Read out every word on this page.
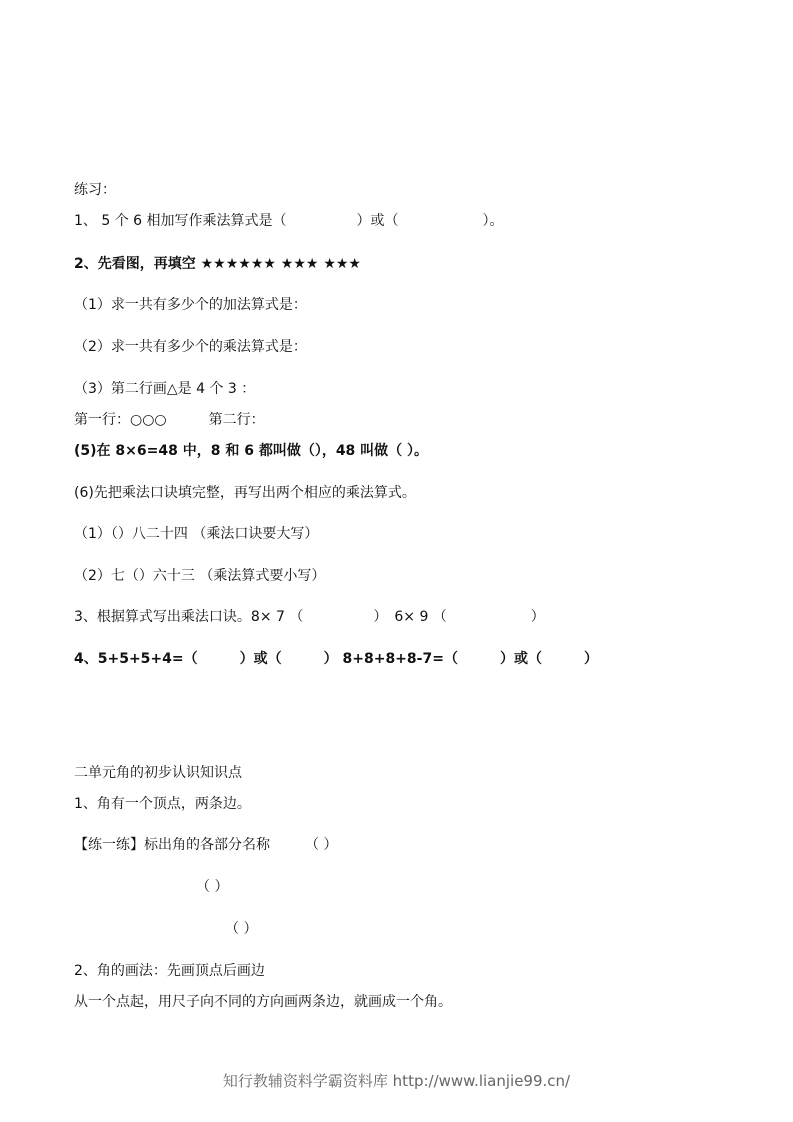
练习：

1、 5 个 6 相加写作乘法算式是（　　　　　）或（　　　　　　）。

2、先看图，再填空 ★★★★★★ ★★★ ★★★

（1）求一共有多少个的加法算式是：

（2）求一共有多少个的乘法算式是：

（3）第二行画△是 4 个 3 ：

第一行：○○○　　　第二行：

(5)在 8×6=48 中，8 和 6 都叫做（），48 叫做（ ）。

(6)先把乘法口诀填完整，再写出两个相应的乘法算式。

（1）（）八二十四 （乘法口诀要大写）

（2）七（）六十三 （乘法算式要小写）

3、根据算式写出乘法口诀。8× 7 （　　　　　）　6× 9 （　　　　　　）

4、5+5+5+4=（　　　）或（　　　） 8+8+8+8-7=（　　　）或（　　　）

二单元角的初步认识知识点

1、角有一个顶点，两条边。

【练一练】标出角的各部分名称　　　（ ）

（ ）

（ ）

2、角的画法：先画顶点后画边

从一个点起，用尺子向不同的方向画两条边，就画成一个角。

知行教辅资料学霸资料库 http://www.lianjie99.cn/
